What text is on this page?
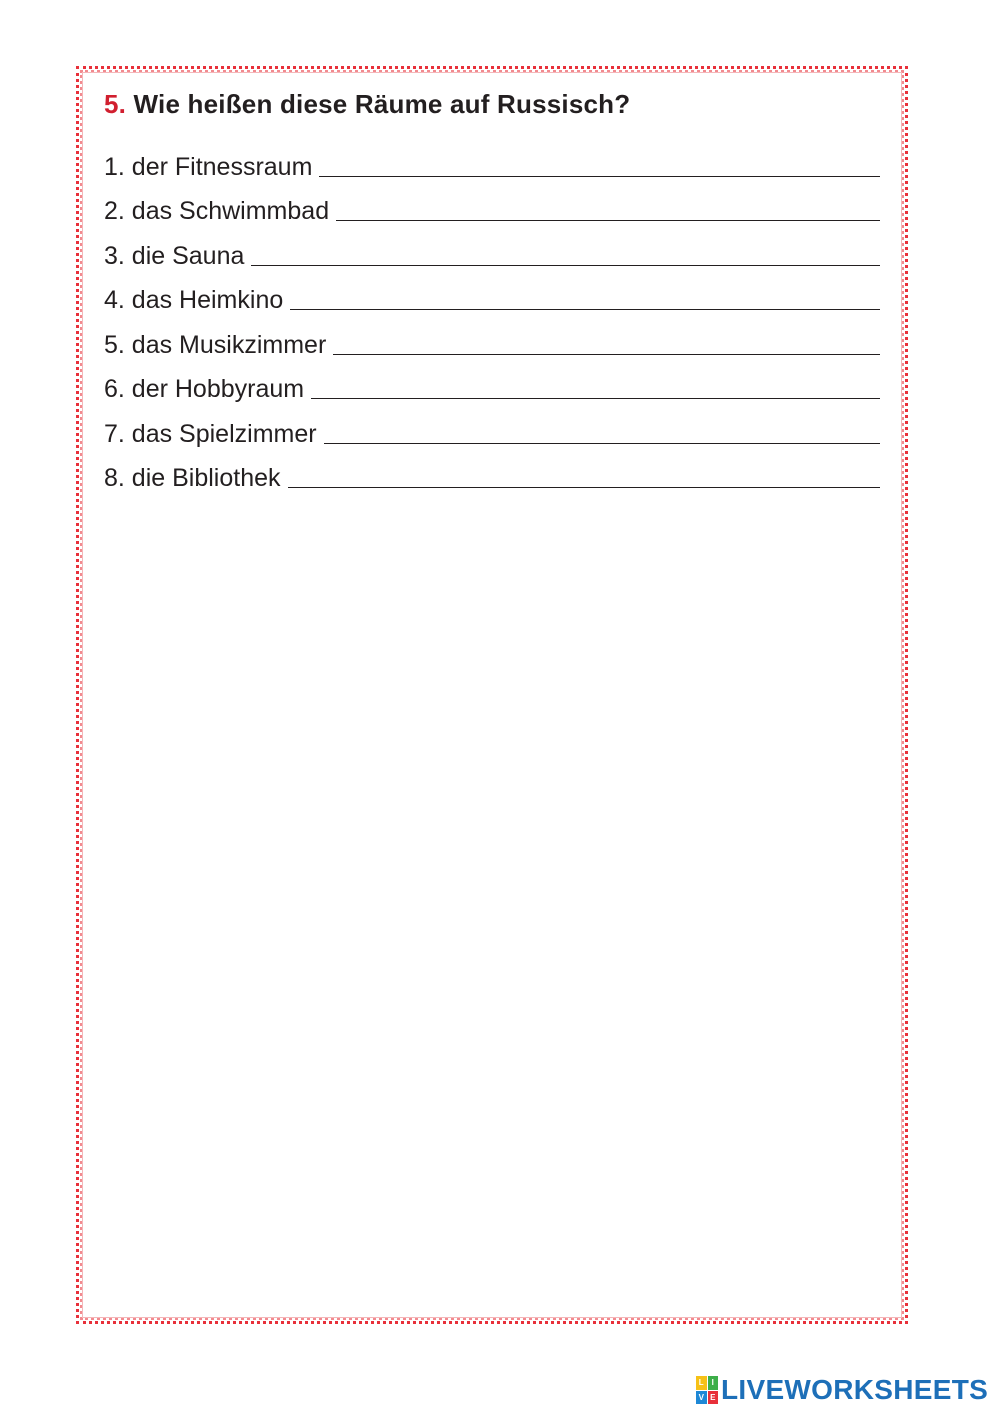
5. Wie heißen diese Räume auf Russisch?
1. der Fitnessraum
2. das Schwimmbad
3. die Sauna
4. das Heimkino
5. das Musikzimmer
6. der Hobbyraum
7. das Spielzimmer
8. die Bibliothek
L I
V E LIVEWORKSHEETS
